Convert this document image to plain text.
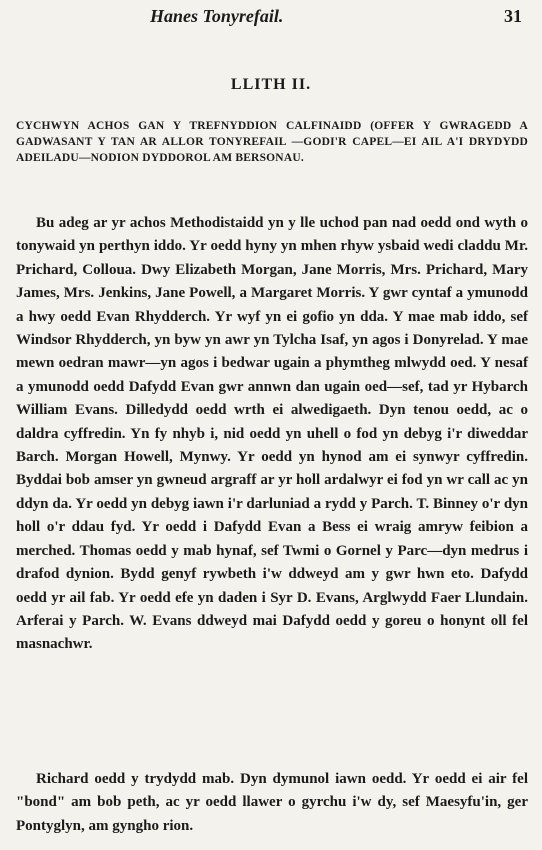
Hanes Tonyrefail.	31
LLITH II.
CYCHWYN ACHOS GAN Y TREFNYDDION CALFINAIDD (OFFER Y GWRAGEDD A GADWASANT Y TAN AR ALLOR TONYREFAIL —GODI'R CAPEL—EI AIL A'I DRYDYDD ADEILADU—NODION DYDDOROL AM BERSONAU.

Bu adeg ar yr achos Methodistaidd yn y lle uchod pan nad oedd ond wyth o tonywaid yn perthyn iddo. Yr oedd hyny yn mhen rhyw ysbaid wedi claddu Mr. Prichard, Colloua. Dwy Elizabeth Morgan, Jane Morris, Mrs. Prichard, Mary James, Mrs. Jenkins, Jane Powell, a Margaret Morris. Y gwr cyntaf a ymunodd a hwy oedd Evan Rhydderch. Yr wyf yn ei gofio yn dda. Y mae mab iddo, sef Windsor Rhydderch, yn byw yn awr yn Tylcha Isaf, yn agos i Donyrelad. Y mae mewn oedran mawr—yn agos i bedwar ugain a phymtheg mlwydd oed. Y nesaf a ymunodd oedd Dafydd Evan gwr annwn dan ugain oed—sef, tad yr Hybarch William Evans. Dilledydd oedd wrth ei alwedigaeth. Dyn tenou oedd, ac o daldra cyffredin. Yn fy nhyb i, nid oedd yn uhell o fod yn debyg i'r diweddar Barch. Morgan Howell, Mynwy. Yr oedd yn hynod am ei synwyr cyffredin. Byddai bob amser yn gwneud argraff ar yr holl ardalwyr ei fod yn wr call ac yn ddyn da. Yr oedd yn debyg iawn i'r darluniad a rydd y Parch. T. Binney o'r dyn holl o'r ddau fyd. Yr oedd i Dafydd Evan a Bess ei wraig amryw feibion a merched. Thomas oedd y mab hynaf, sef Twmi o Gornel y Parc—dyn medrus i drafod dynion. Bydd genyf rywbeth i'w ddweyd am y gwr hwn eto. Dafydd oedd yr ail fab. Yr oedd efe yn daden i Syr D. Evans, Arglwydd Faer Llundain. Arferai y Parch. W. Evans ddweyd mai Dafydd oedd y goreu o honynt oll fel masnachwr.

Richard oedd y trydydd mab. Dyn dymunol iawn oedd. Yr oedd ei air fel "bond" am bob peth, ac yr oedd llawer o gyrchu i'w dy, sef Maesyfu'in, ger Pontyglyn, am gyngho rion.
